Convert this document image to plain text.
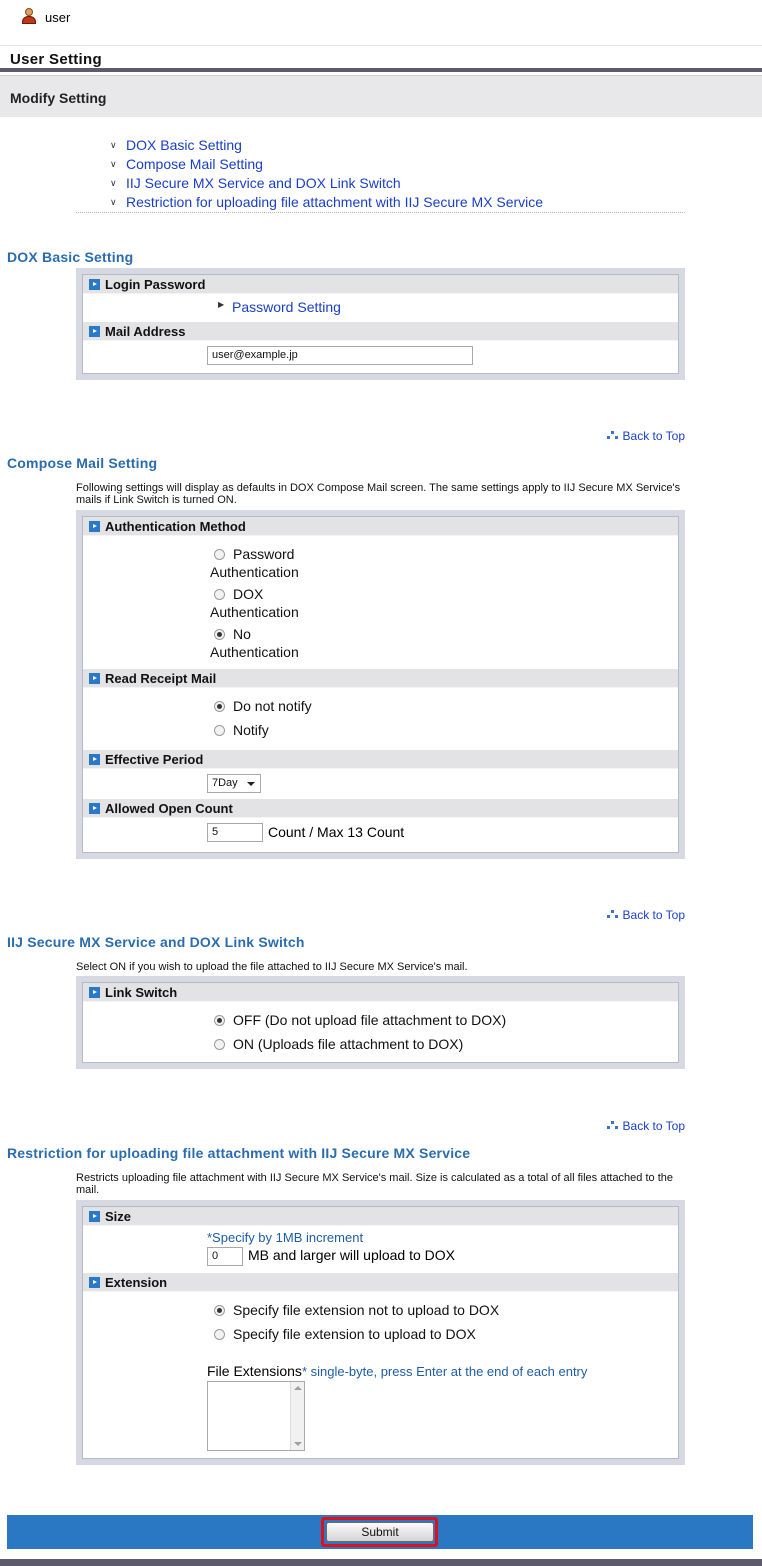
user
User Setting
Modify Setting
∨ DOX Basic Setting
∨ Compose Mail Setting
∨ IIJ Secure MX Service and DOX Link Switch
∨ Restriction for uploading file attachment with IIJ Secure MX Service
DOX Basic Setting
Login Password
▶ Password Setting
Mail Address
user@example.jp
Back to Top
Compose Mail Setting
Following settings will display as defaults in DOX Compose Mail screen. The same settings apply to IIJ Secure MX Service's mails if Link Switch is turned ON.
Authentication Method
Password
Authentication
DOX
Authentication
No
Authentication
Read Receipt Mail
Do not notify
Notify
Effective Period
7Day
Allowed Open Count
5	Count / Max 13 Count
Back to Top
IIJ Secure MX Service and DOX Link Switch
Select ON if you wish to upload the file attached to IIJ Secure MX Service's mail.
Link Switch
OFF (Do not upload file attachment to DOX)
ON (Uploads file attachment to DOX)
Back to Top
Restriction for uploading file attachment with IIJ Secure MX Service
Restricts uploading file attachment with IIJ Secure MX Service's mail. Size is calculated as a total of all files attached to the mail.
Size
*Specify by 1MB increment
0	MB and larger will upload to DOX
Extension
Specify file extension not to upload to DOX
Specify file extension to upload to DOX
File Extensions* single-byte, press Enter at the end of each entry
Submit
